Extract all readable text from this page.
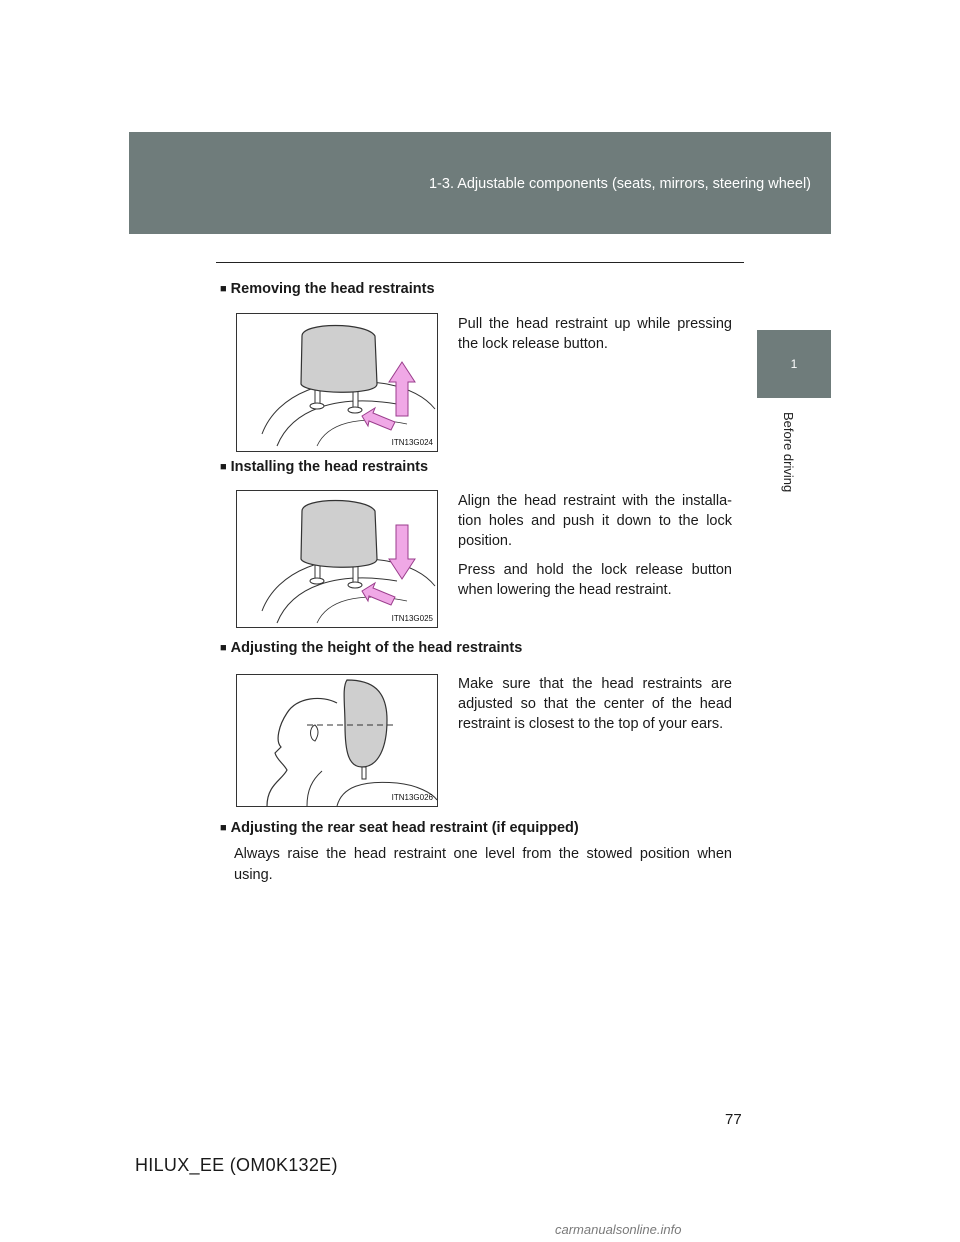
1-3. Adjustable components (seats, mirrors, steering wheel)
1
Before driving
■ Removing the head restraints
ITN13G024

Pull the head restraint up while pressing the lock release button.

■ Installing the head restraints
ITN13G025

Align the head restraint with the installa-tion holes and push it down to the lock position.

Press and hold the lock release button when lowering the head restraint.

■ Adjusting the height of the head restraints
ITN13G026

Make sure that the head restraints are adjusted so that the center of the head restraint is closest to the top of your ears.

■ Adjusting the rear seat head restraint (if equipped)
Always raise the head restraint one level from the stowed position when using.
77
HILUX_EE (OM0K132E)
carmanualsonline.info
